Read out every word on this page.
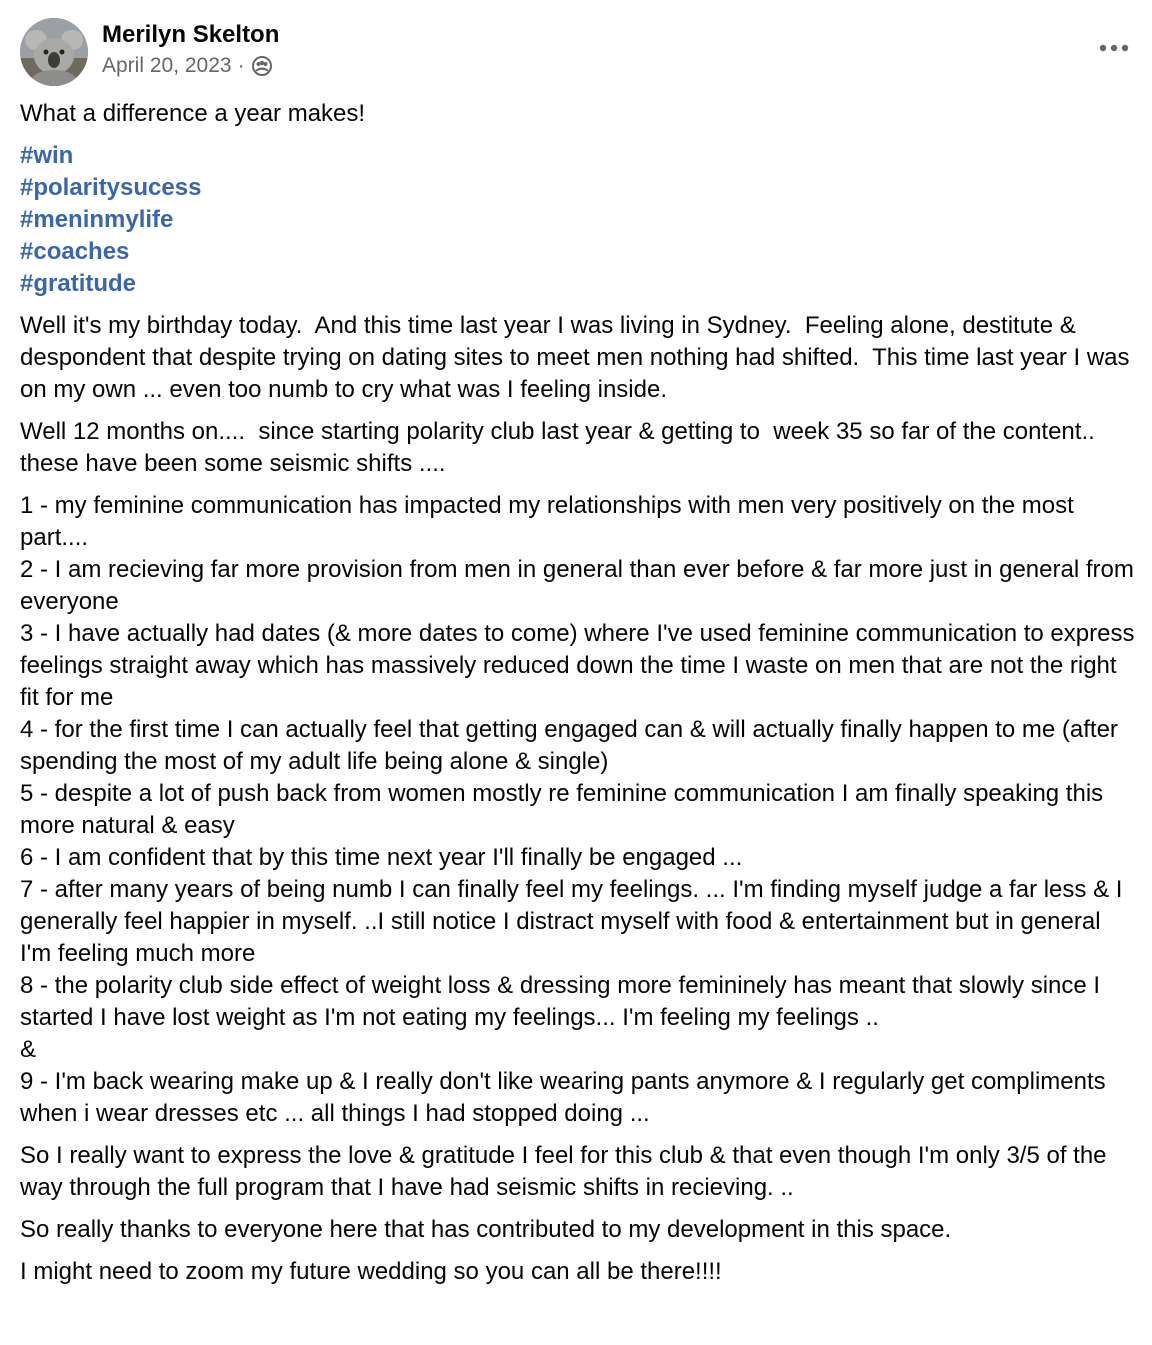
Merilyn Skelton
April 20, 2023 ·

What a difference a year makes!

#win
#polaritysucess
#meninmylife
#coaches
#gratitude

Well it's my birthday today.  And this time last year I was living in Sydney.  Feeling alone, destitute & despondent that despite trying on dating sites to meet men nothing had shifted.  This time last year I was on my own ... even too numb to cry what was I feeling inside.

Well 12 months on....  since starting polarity club last year & getting to  week 35 so far of the content.. these have been some seismic shifts ....

1 - my feminine communication has impacted my relationships with men very positively on the most part....
2 - I am recieving far more provision from men in general than ever before & far more just in general from everyone
3 - I have actually had dates (& more dates to come) where I've used feminine communication to express feelings straight away which has massively reduced down the time I waste on men that are not the right fit for me
4 - for the first time I can actually feel that getting engaged can & will actually finally happen to me (after spending the most of my adult life being alone & single)
5 - despite a lot of push back from women mostly re feminine communication I am finally speaking this more natural & easy
6 - I am confident that by this time next year I'll finally be engaged ...
7 - after many years of being numb I can finally feel my feelings. ... I'm finding myself judge a far less & I generally feel happier in myself. ..I still notice I distract myself with food & entertainment but in general I'm feeling much more
8 - the polarity club side effect of weight loss & dressing more femininely has meant that slowly since I started I have lost weight as I'm not eating my feelings... I'm feeling my feelings ..
&
9 - I'm back wearing make up & I really don't like wearing pants anymore & I regularly get compliments when i wear dresses etc ... all things I had stopped doing ...

So I really want to express the love & gratitude I feel for this club & that even though I'm only 3/5 of the way through the full program that I have had seismic shifts in recieving. ..

So really thanks to everyone here that has contributed to my development in this space.

I might need to zoom my future wedding so you can all be there!!!!
